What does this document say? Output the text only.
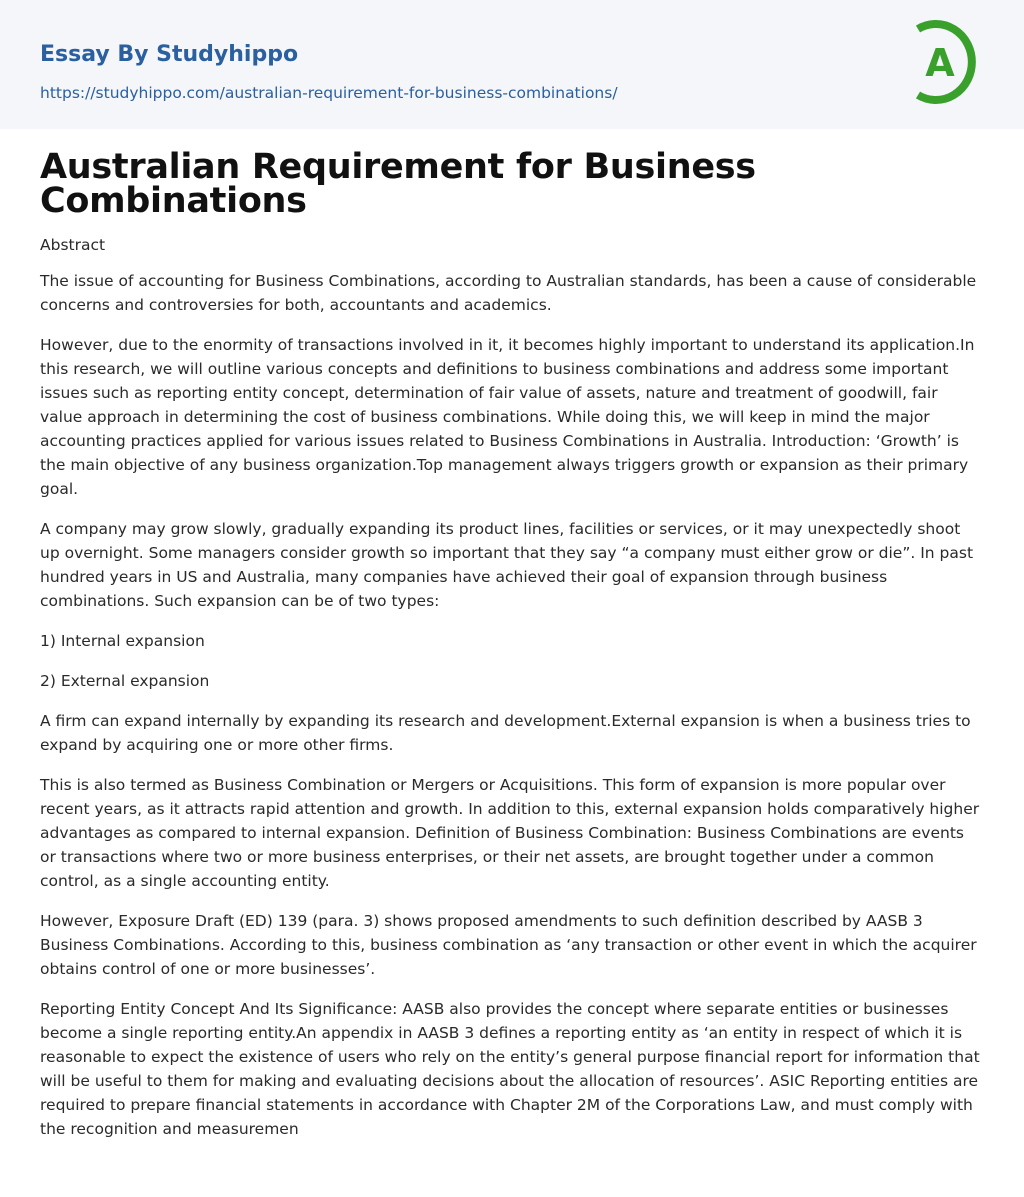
Essay By Studyhippo
https://studyhippo.com/australian-requirement-for-business-combinations/
A
Australian Requirement for Business Combinations

Abstract

The issue of accounting for Business Combinations, according to Australian standards, has been a cause of considerable concerns and controversies for both, accountants and academics.

However, due to the enormity of transactions involved in it, it becomes highly important to understand its application.In this research, we will outline various concepts and definitions to business combinations and address some important issues such as reporting entity concept, determination of fair value of assets, nature and treatment of goodwill, fair value approach in determining the cost of business combinations. While doing this, we will keep in mind the major accounting practices applied for various issues related to Business Combinations in Australia. Introduction: ‘Growth’ is the main objective of any business organization.Top management always triggers growth or expansion as their primary goal.

A company may grow slowly, gradually expanding its product lines, facilities or services, or it may unexpectedly shoot up overnight. Some managers consider growth so important that they say “a company must either grow or die”. In past hundred years in US and Australia, many companies have achieved their goal of expansion through business combinations. Such expansion can be of two types:

1) Internal expansion

2) External expansion

A firm can expand internally by expanding its research and development.External expansion is when a business tries to expand by acquiring one or more other firms.

This is also termed as Business Combination or Mergers or Acquisitions. This form of expansion is more popular over recent years, as it attracts rapid attention and growth. In addition to this, external expansion holds comparatively higher advantages as compared to internal expansion. Definition of Business Combination: Business Combinations are events or transactions where two or more business enterprises, or their net assets, are brought together under a common control, as a single accounting entity.

However, Exposure Draft (ED) 139 (para. 3) shows proposed amendments to such definition described by AASB 3 Business Combinations. According to this, business combination as ‘any transaction or other event in which the acquirer obtains control of one or more businesses’.

Reporting Entity Concept And Its Significance: AASB also provides the concept where separate entities or businesses become a single reporting entity.An appendix in AASB 3 defines a reporting entity as ‘an entity in respect of which it is reasonable to expect the existence of users who rely on the entity’s general purpose financial report for information that will be useful to them for making and evaluating decisions about the allocation of resources’. ASIC Reporting entities are required to prepare financial statements in accordance with Chapter 2M of the Corporations Law, and must comply with the recognition and measuremen
